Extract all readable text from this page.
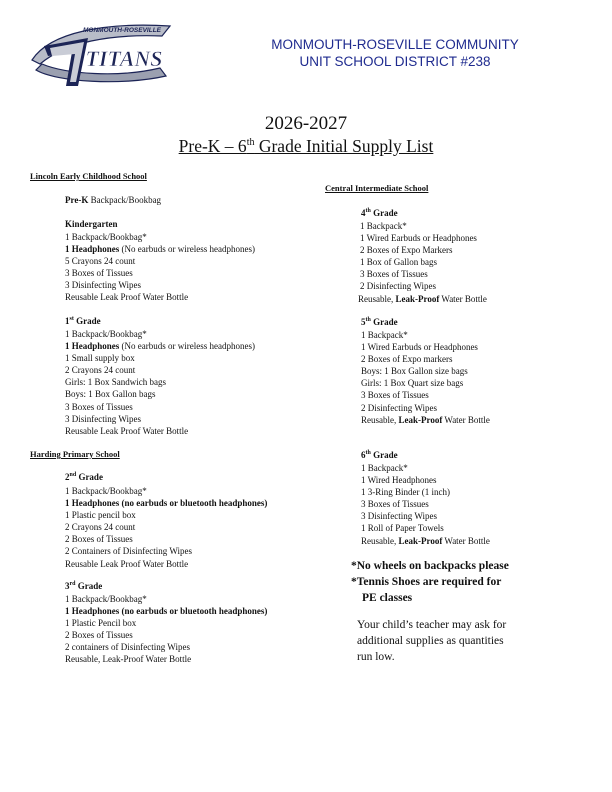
MONMOUTH-ROSEVILLE
TITANS
MONMOUTH-ROSEVILLE COMMUNITY
UNIT SCHOOL DISTRICT #238
2026-2027
Pre-K – 6th Grade Initial Supply List
Lincoln Early Childhood School
Pre-K Backpack/Bookbag
Kindergarten
1 Backpack/Bookbag*
1 Headphones (No earbuds or wireless headphones)
5 Crayons 24 count
3 Boxes of Tissues
3 Disinfecting Wipes
Reusable Leak Proof Water Bottle
1st Grade
1 Backpack/Bookbag*
1 Headphones (No earbuds or wireless headphones)
1 Small supply box
2 Crayons 24 count
Girls: 1 Box Sandwich bags
Boys: 1 Box Gallon bags
3 Boxes of Tissues
3 Disinfecting Wipes
Reusable Leak Proof Water Bottle
Harding Primary School
2nd Grade
1 Backpack/Bookbag*
1 Headphones (no earbuds or bluetooth headphones)
1 Plastic pencil box
2 Crayons 24 count
2 Boxes of Tissues
2 Containers of Disinfecting Wipes
Reusable Leak Proof Water Bottle
3rd Grade
1 Backpack/Bookbag*
1 Headphones (no earbuds or bluetooth headphones)
1 Plastic Pencil box
2 Boxes of Tissues
2 containers of Disinfecting Wipes
Reusable, Leak-Proof Water Bottle
Central Intermediate School
4th Grade
1 Backpack*
1 Wired Earbuds or Headphones
2 Boxes of Expo Markers
1 Box of Gallon bags
3 Boxes of Tissues
2 Disinfecting Wipes
Reusable, Leak-Proof Water Bottle
5th Grade
1 Backpack*
1 Wired Earbuds or Headphones
2 Boxes of Expo markers
Boys: 1 Box Gallon size bags
Girls: 1 Box Quart size bags
3 Boxes of Tissues
2 Disinfecting Wipes
Reusable, Leak-Proof Water Bottle
6th Grade
1 Backpack*
1 Wired Headphones
1 3-Ring Binder (1 inch)
3 Boxes of Tissues
3 Disinfecting Wipes
1 Roll of Paper Towels
Reusable, Leak-Proof Water Bottle
*No wheels on backpacks please
*Tennis Shoes are required for
PE classes
Your child’s teacher may ask for
additional supplies as quantities
run low.
